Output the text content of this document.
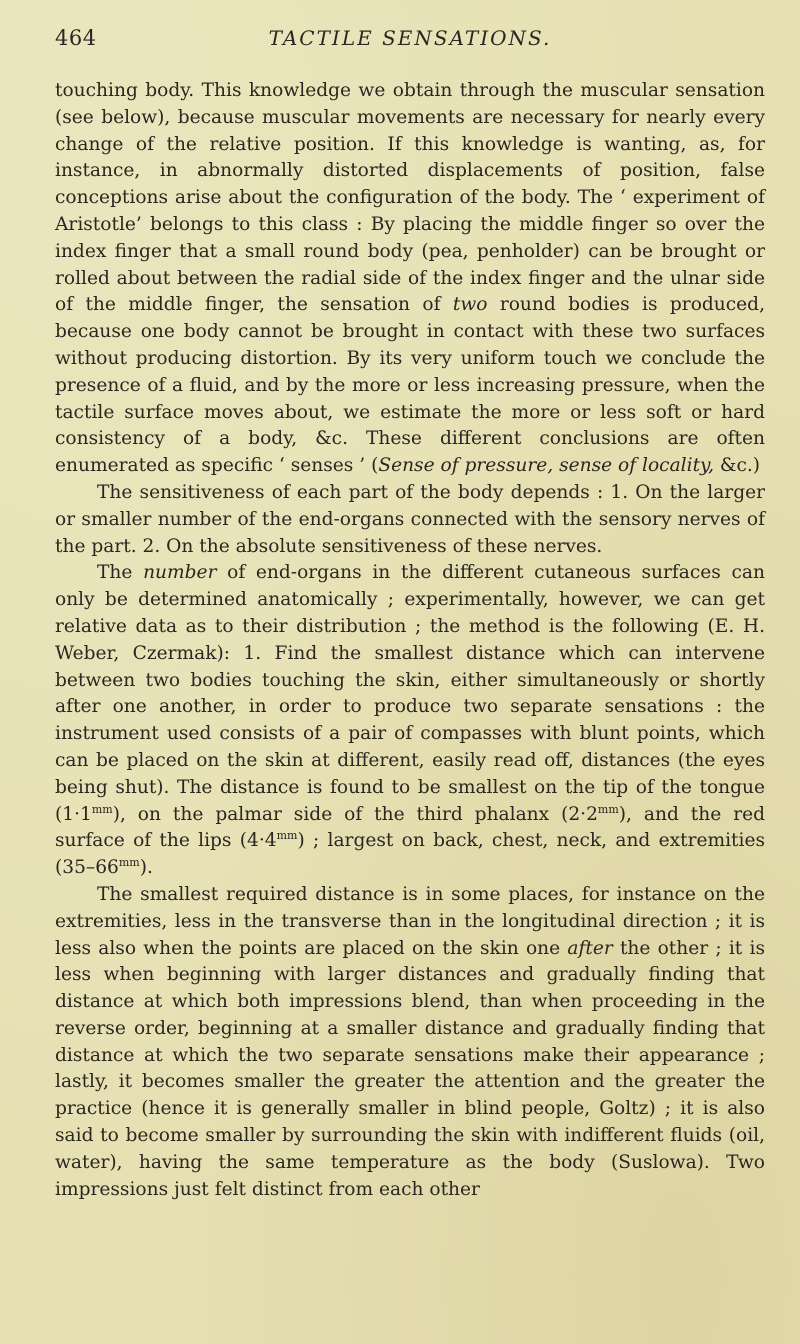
464	TACTILE SENSATIONS.

touching body. This knowledge we obtain through the muscular sensation (see below), because muscular movements are necessary for nearly every change of the relative position. If this knowledge is wanting, as, for instance, in abnormally distorted displacements of position, false conceptions arise about the configuration of the body. The ‘ experiment of Aristotle’ belongs to this class : By placing the middle finger so over the index finger that a small round body (pea, penholder) can be brought or rolled about between the radial side of the index finger and the ulnar side of the middle finger, the sensation of two round bodies is produced, because one body cannot be brought in contact with these two surfaces without producing distortion. By its very uniform touch we conclude the presence of a fluid, and by the more or less increasing pressure, when the tactile surface moves about, we estimate the more or less soft or hard consistency of a body, &c. These different conclusions are often enumerated as specific ‘ senses ’ (Sense of pressure, sense of locality, &c.)

The sensitiveness of each part of the body depends : 1. On the larger or smaller number of the end-organs connected with the sensory nerves of the part. 2. On the absolute sensitiveness of these nerves.

The number of end-organs in the different cutaneous surfaces can only be determined anatomically ; experimentally, however, we can get relative data as to their distribution ; the method is the following (E. H. Weber, Czermak): 1. Find the smallest distance which can intervene between two bodies touching the skin, either simultaneously or shortly after one another, in order to produce two separate sensations : the instrument used consists of a pair of compasses with blunt points, which can be placed on the skin at different, easily read off, distances (the eyes being shut). The distance is found to be smallest on the tip of the tongue $(1\cdot 1^{mm})$, on the palmar side of the third phalanx $(2\cdot 2^{mm})$, and the red surface of the lips $(4\cdot 4^{mm})$ ; largest on back, chest, neck, and extremities $(35-66^{mm})$.

The smallest required distance is in some places, for instance on the extremities, less in the transverse than in the longitudinal direction ; it is less also when the points are placed on the skin one after the other ; it is less when beginning with larger distances and gradually finding that distance at which both impressions blend, than when proceeding in the reverse order, beginning at a smaller distance and gradually finding that distance at which the two separate sensations make their appearance ; lastly, it becomes smaller the greater the attention and the greater the practice (hence it is generally smaller in blind people, Goltz) ; it is also said to become smaller by surrounding the skin with indifferent fluids (oil, water), having the same temperature as the body (Suslowa). Two impressions just felt distinct from each other
